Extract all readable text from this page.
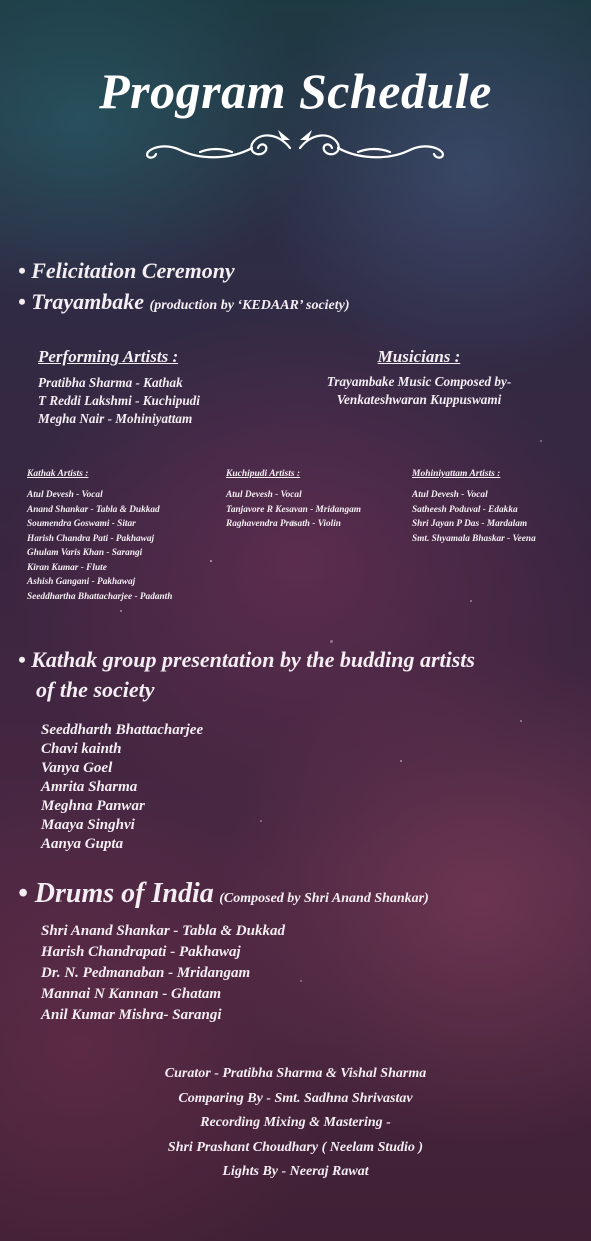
Program Schedule
• Felicitation Ceremony
• Trayambake (production by ‘KEDAAR’ society)
Performing Artists :
Pratibha Sharma - Kathak
T Reddi Lakshmi - Kuchipudi
Megha Nair - Mohiniyattam
Musicians :
Trayambake Music Composed by-
Venkateshwaran Kuppuswami
Kathak Artists :
Atul Devesh - Vocal
Anand Shankar - Tabla & Dukkad
Soumendra Goswami - Sitar
Harish Chandra Pati - Pakhawaj
Ghulam Varis Khan - Sarangi
Kiran Kumar - Flute
Ashish Gangani - Pakhawaj
Seeddhartha Bhattacharjee - Padanth
Kuchipudi Artists :
Atul Devesh - Vocal
Tanjavore R Kesavan - Mridangam
Raghavendra Prasath - Violin
Mohiniyattam Artists :
Atul Devesh - Vocal
Satheesh Poduval - Edakka
Shri Jayan P Das - Mardalam
Smt. Shyamala Bhaskar - Veena
• Kathak group presentation by the budding artists
of the society
Seeddharth Bhattacharjee
Chavi kainth
Vanya Goel
Amrita Sharma
Meghna Panwar
Maaya Singhvi
Aanya Gupta
• Drums of India (Composed by Shri Anand Shankar)
Shri Anand Shankar - Tabla & Dukkad
Harish Chandrapati - Pakhawaj
Dr. N. Pedmanaban - Mridangam
Mannai N Kannan - Ghatam
Anil Kumar Mishra- Sarangi
Curator - Pratibha Sharma & Vishal Sharma
Comparing By - Smt. Sadhna Shrivastav
Recording Mixing & Mastering -
Shri Prashant Choudhary ( Neelam Studio )
Lights By - Neeraj Rawat
